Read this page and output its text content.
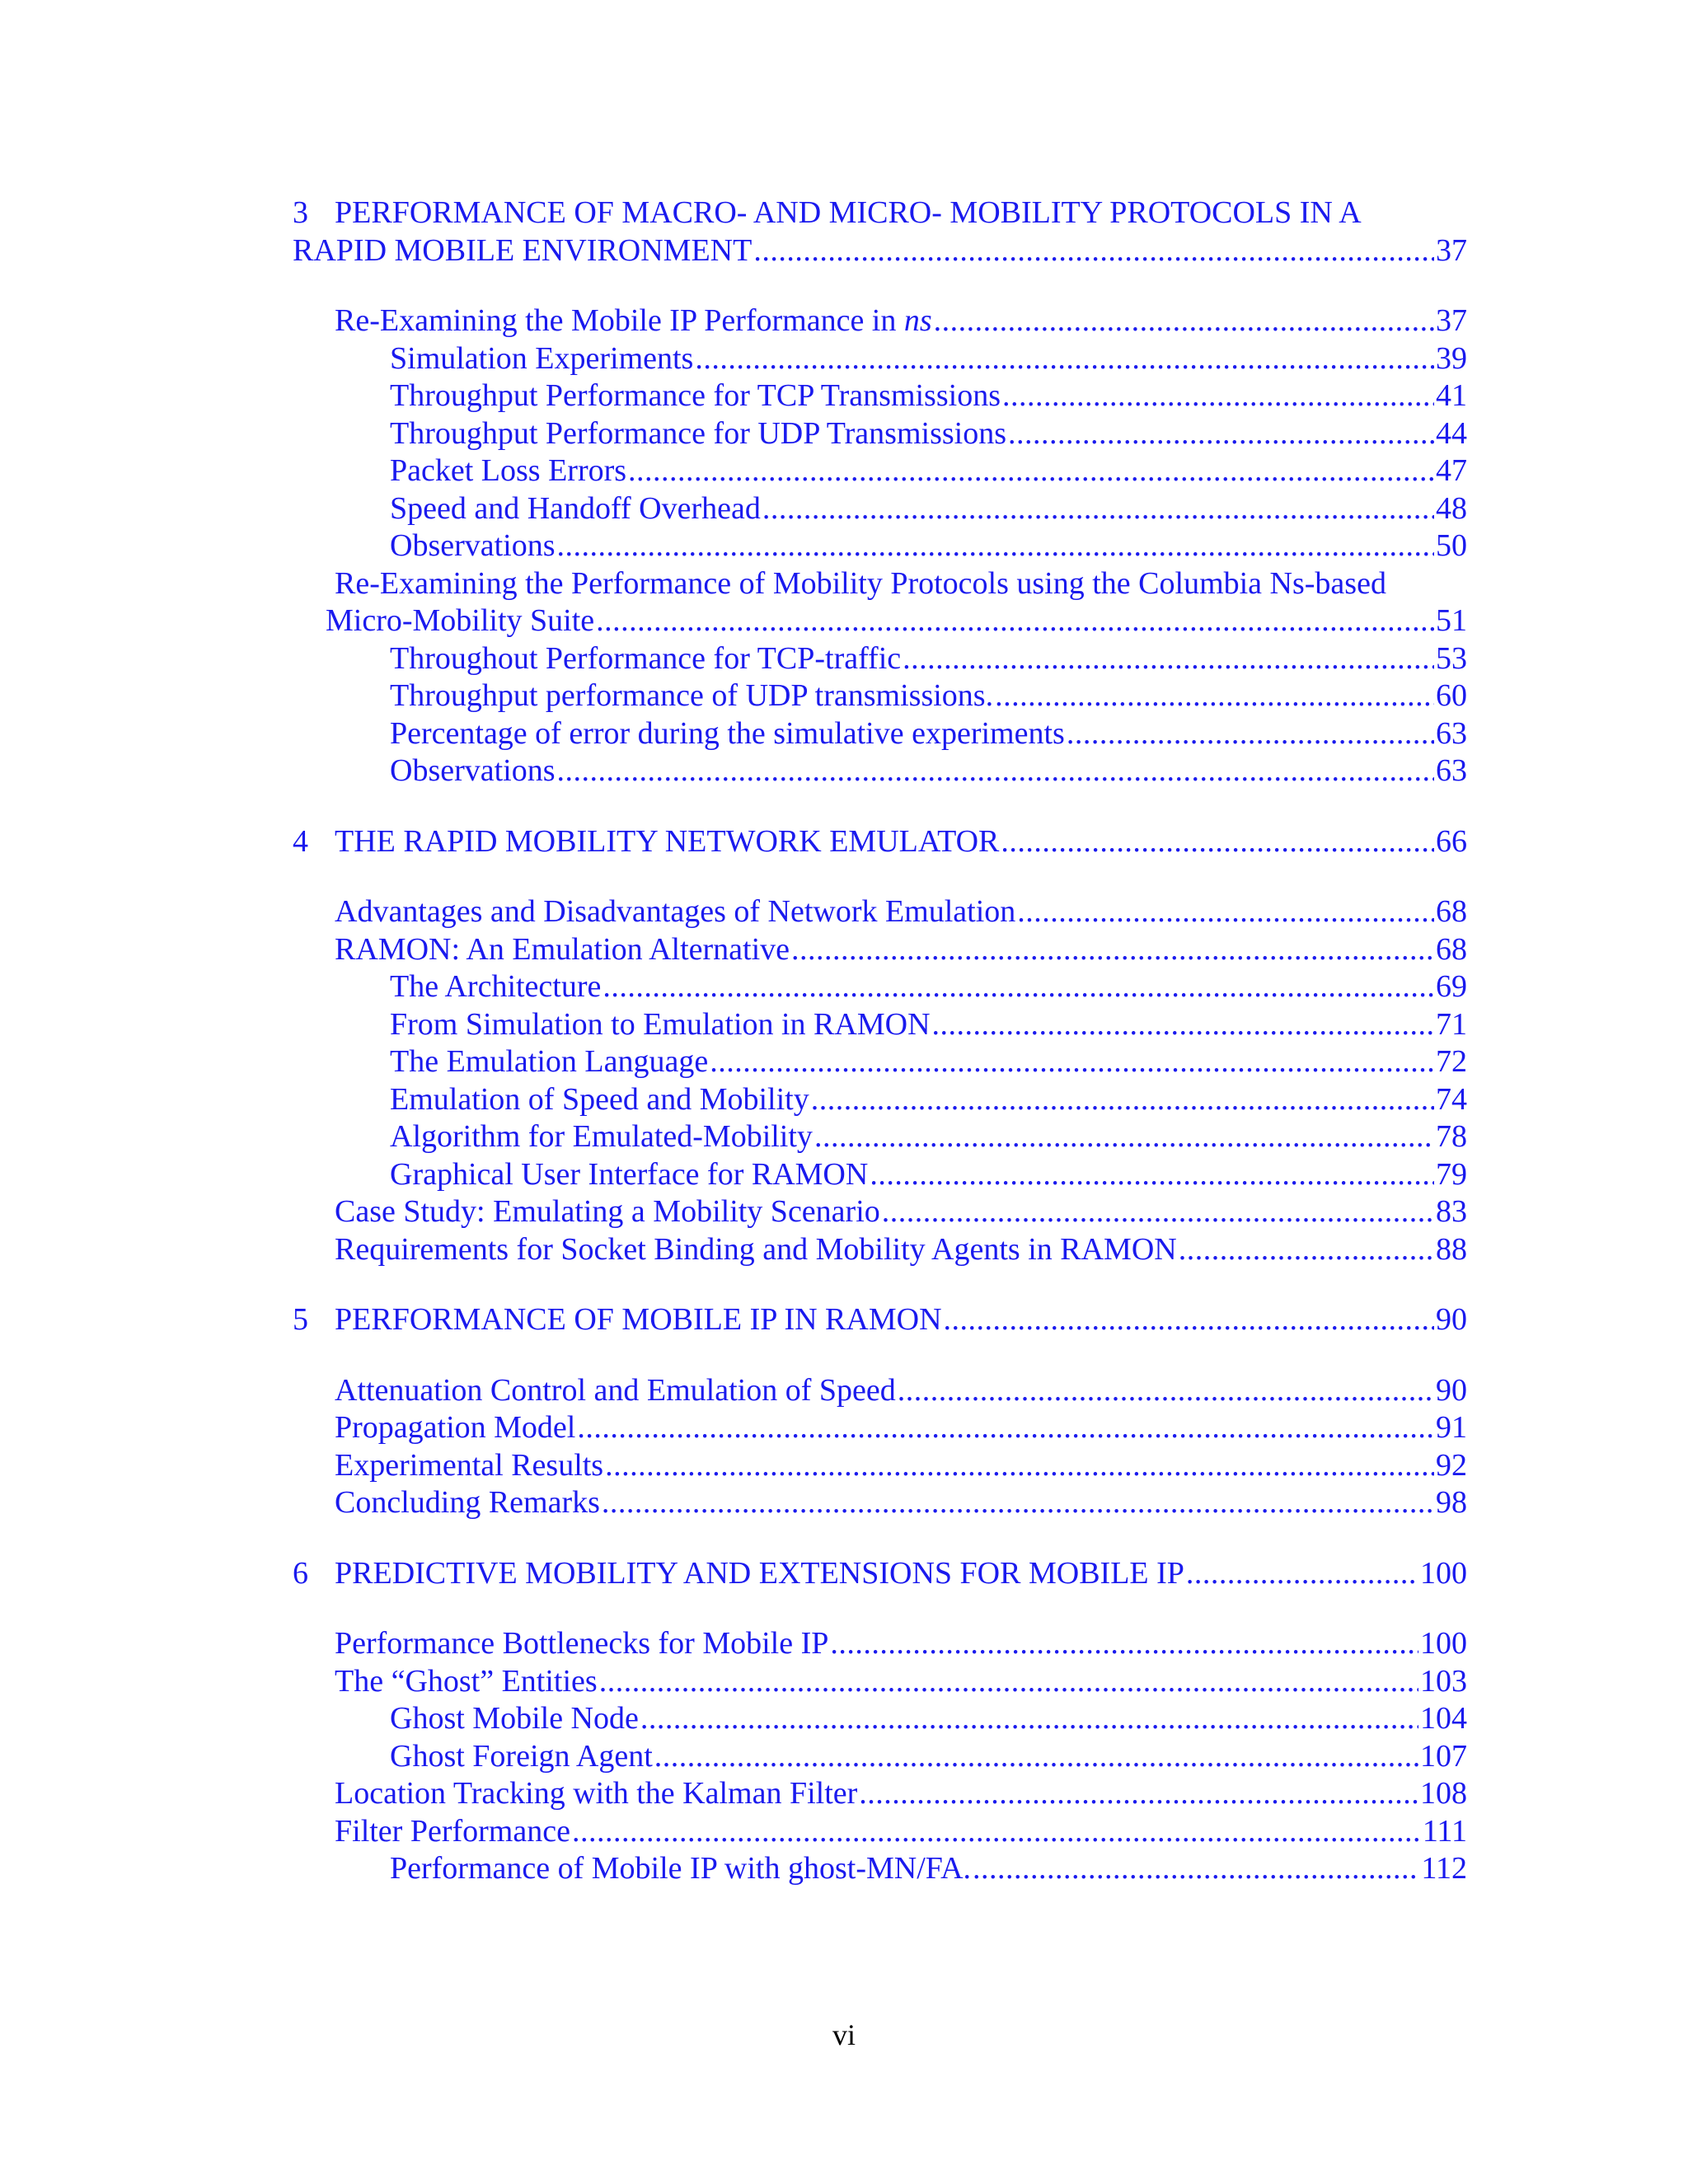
3 PERFORMANCE OF MACRO- AND MICRO- MOBILITY PROTOCOLS IN A
RAPID MOBILE ENVIRONMENT .....	37
Re-Examining the Mobile IP Performance in ns .....	37
Simulation Experiments .....	39
Throughput Performance for TCP Transmissions .....	41
Throughput Performance for UDP Transmissions .....	44
Packet Loss Errors .....	47
Speed and Handoff Overhead .....	48
Observations .....	50
Re-Examining the Performance of Mobility Protocols using the Columbia Ns-based
Micro-Mobility Suite .....	51
Throughout Performance for TCP-traffic .....	53
Throughput performance of UDP transmissions. .....	60
Percentage of error during the simulative experiments .....	63
Observations .....	63
4 THE RAPID MOBILITY NETWORK EMULATOR .....	66
Advantages and Disadvantages of Network Emulation .....	68
RAMON: An Emulation Alternative .....	68
The Architecture .....	69
From Simulation to Emulation in RAMON .....	71
The Emulation Language .....	72
Emulation of Speed and Mobility .....	74
Algorithm for Emulated-Mobility .....	78
Graphical User Interface for RAMON .....	79
Case Study: Emulating a Mobility Scenario .....	83
Requirements for Socket Binding and Mobility Agents in RAMON .....	88
5 PERFORMANCE OF MOBILE IP IN RAMON .....	90
Attenuation Control and Emulation of Speed .....	90
Propagation Model .....	91
Experimental Results .....	92
Concluding Remarks .....	98
6 PREDICTIVE MOBILITY AND EXTENSIONS FOR MOBILE IP .....	100
Performance Bottlenecks for Mobile IP .....	100
The “Ghost” Entities .....	103
Ghost Mobile Node .....	104
Ghost Foreign Agent .....	107
Location Tracking with the Kalman Filter .....	108
Filter Performance .....	111
Performance of Mobile IP with ghost-MN/FA. .....	112
vi
